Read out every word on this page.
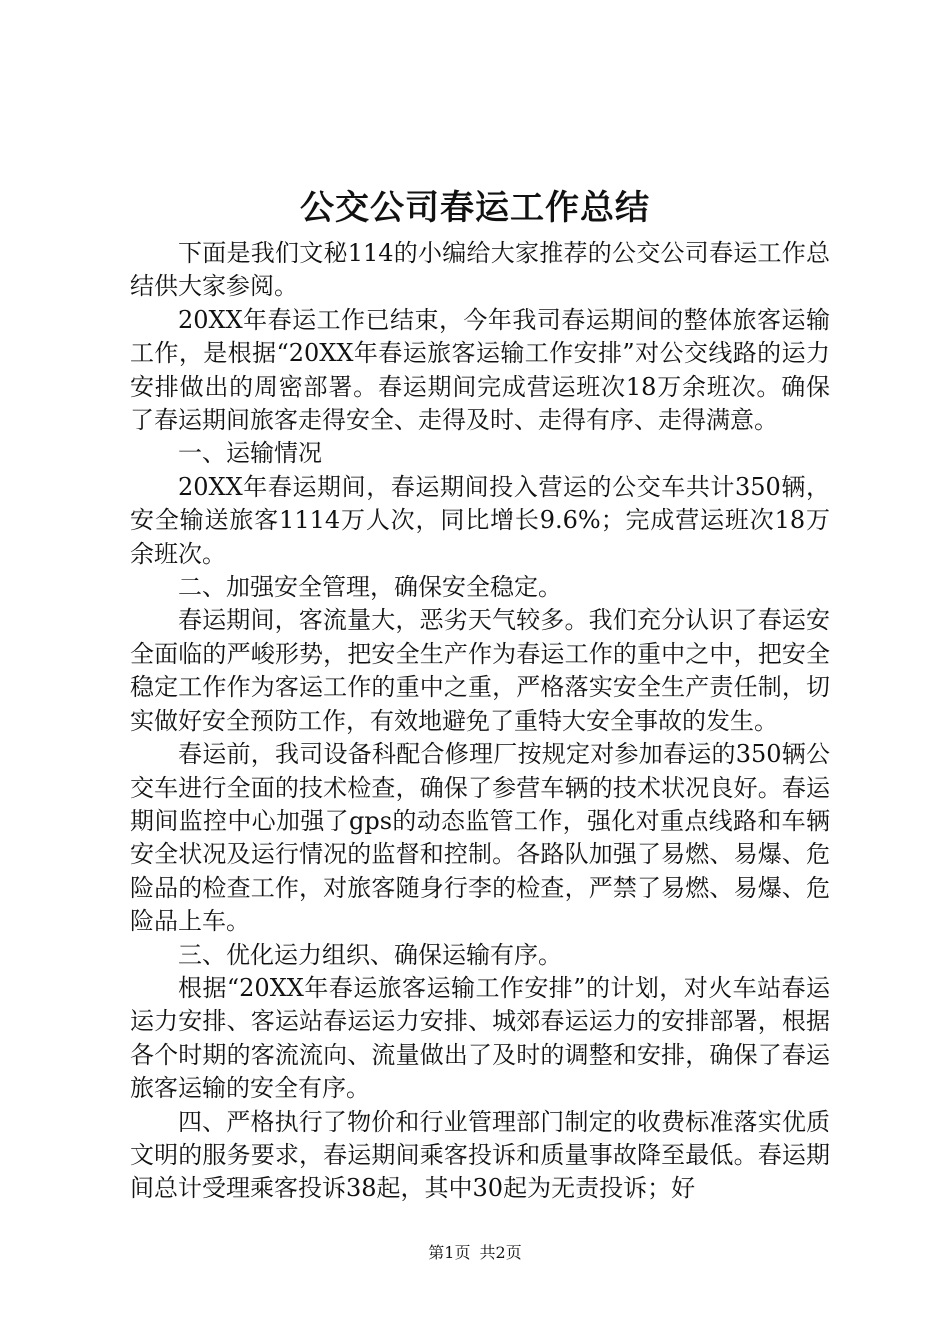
公交公司春运工作总结

下面是我们文秘114的小编给大家推荐的公交公司春运工作总结供大家参阅。

20XX年春运工作已结束，今年我司春运期间的整体旅客运输工作，是根据“20XX年春运旅客运输工作安排”对公交线路的运力安排做出的周密部署。春运期间完成营运班次18万余班次。确保了春运期间旅客走得安全、走得及时、走得有序、走得满意。

一、运输情况

20XX年春运期间，春运期间投入营运的公交车共计350辆，安全输送旅客1114万人次，同比增长9.6%；完成营运班次18万余班次。

二、加强安全管理，确保安全稳定。

春运期间，客流量大，恶劣天气较多。我们充分认识了春运安全面临的严峻形势，把安全生产作为春运工作的重中之中，把安全稳定工作作为客运工作的重中之重，严格落实安全生产责任制，切实做好安全预防工作，有效地避免了重特大安全事故的发生。

春运前，我司设备科配合修理厂按规定对参加春运的350辆公交车进行全面的技术检查，确保了参营车辆的技术状况良好。春运期间监控中心加强了gps的动态监管工作，强化对重点线路和车辆安全状况及运行情况的监督和控制。各路队加强了易燃、易爆、危险品的检查工作，对旅客随身行李的检查，严禁了易燃、易爆、危险品上车。

三、优化运力组织、确保运输有序。

根据“20XX年春运旅客运输工作安排”的计划，对火车站春运运力安排、客运站春运运力安排、城郊春运运力的安排部署，根据各个时期的客流流向、流量做出了及时的调整和安排，确保了春运旅客运输的安全有序。

四、严格执行了物价和行业管理部门制定的收费标准落实优质文明的服务要求，春运期间乘客投诉和质量事故降至最低。春运期间总计受理乘客投诉38起，其中30起为无责投诉；好

第1页 共2页
